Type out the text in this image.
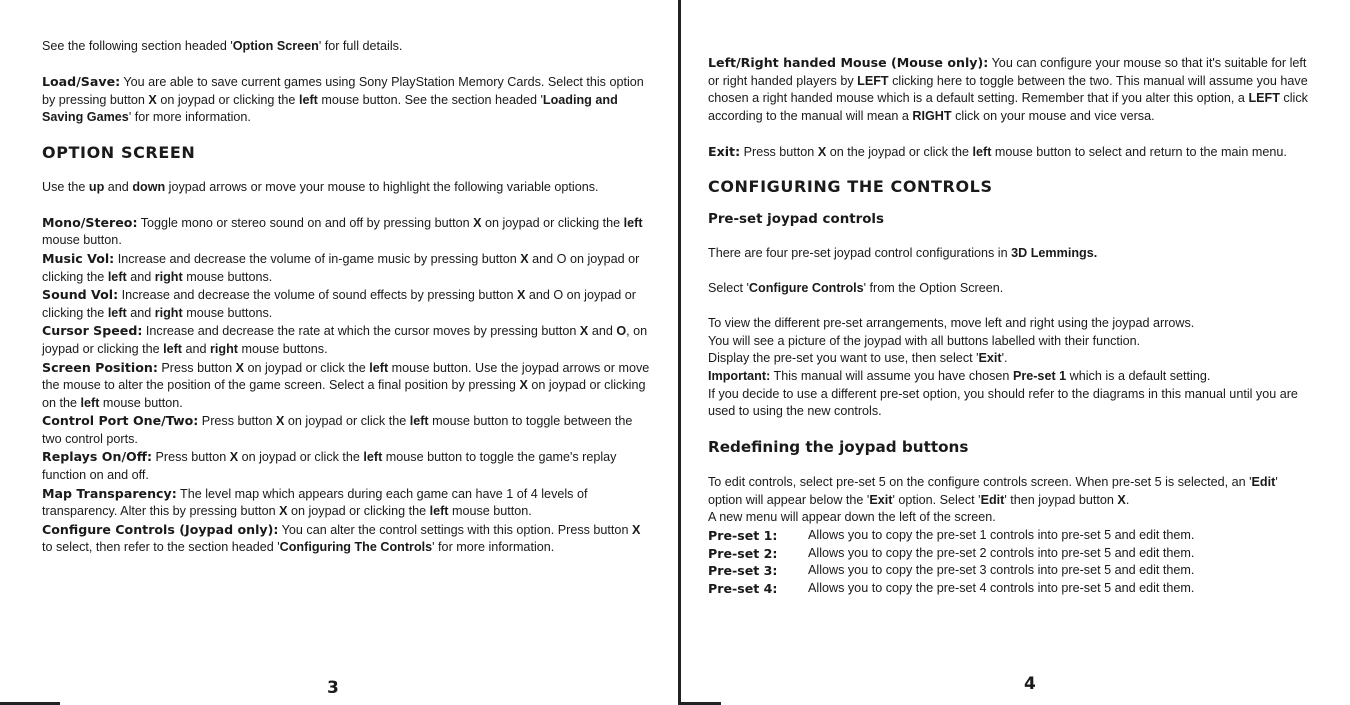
See the following section headed 'Option Screen' for full details.

Load/Save: You are able to save current games using Sony PlayStation Memory Cards. Select this option by pressing button X on joypad or clicking the left mouse button. See the section headed 'Loading and Saving Games' for more information.

OPTION SCREEN

Use the up and down joypad arrows or move your mouse to highlight the following variable options.

Mono/Stereo: Toggle mono or stereo sound on and off by pressing button X on joypad or clicking the left mouse button.

Music Vol: Increase and decrease the volume of in-game music by pressing button X and O on joypad or clicking the left and right mouse buttons.

Sound Vol: Increase and decrease the volume of sound effects by pressing button X and O on joypad or clicking the left and right mouse buttons.

Cursor Speed: Increase and decrease the rate at which the cursor moves by pressing button X and O, on joypad or clicking the left and right mouse buttons.

Screen Position: Press button X on joypad or click the left mouse button. Use the joypad arrows or move the mouse to alter the position of the game screen. Select a final position by pressing X on joypad or clicking on the left mouse button.

Control Port One/Two: Press button X on joypad or click the left mouse button to toggle between the two control ports.

Replays On/Off: Press button X on joypad or click the left mouse button to toggle the game's replay function on and off.

Map Transparency: The level map which appears during each game can have 1 of 4 levels of transparency. Alter this by pressing button X on joypad or clicking the left mouse button.

Configure Controls (Joypad only): You can alter the control settings with this option. Press button X to select, then refer to the section headed 'Configuring The Controls' for more information.

3

Left/Right handed Mouse (Mouse only): You can configure your mouse so that it's suitable for left or right handed players by LEFT clicking here to toggle between the two. This manual will assume you have chosen a right handed mouse which is a default setting. Remember that if you alter this option, a LEFT click according to the manual will mean a RIGHT click on your mouse and vice versa.

Exit: Press button X on the joypad or click the left mouse button to select and return to the main menu.

CONFIGURING THE CONTROLS
Pre-set joypad controls

There are four pre-set joypad control configurations in 3D Lemmings.

Select 'Configure Controls' from the Option Screen.

To view the different pre-set arrangements, move left and right using the joypad arrows.
You will see a picture of the joypad with all buttons labelled with their function.
Display the pre-set you want to use, then select 'Exit'.
Important: This manual will assume you have chosen Pre-set 1 which is a default setting.
If you decide to use a different pre-set option, you should refer to the diagrams in this manual until you are used to using the new controls.

Redefining the joypad buttons

To edit controls, select pre-set 5 on the configure controls screen. When pre-set 5 is selected, an 'Edit' option will appear below the 'Exit' option. Select 'Edit' then joypad button X.
A new menu will appear down the left of the screen.

Pre-set 1:	Allows you to copy the pre-set 1 controls into pre-set 5 and edit them.
Pre-set 2:	Allows you to copy the pre-set 2 controls into pre-set 5 and edit them.
Pre-set 3:	Allows you to copy the pre-set 3 controls into pre-set 5 and edit them.
Pre-set 4:	Allows you to copy the pre-set 4 controls into pre-set 5 and edit them.
4
